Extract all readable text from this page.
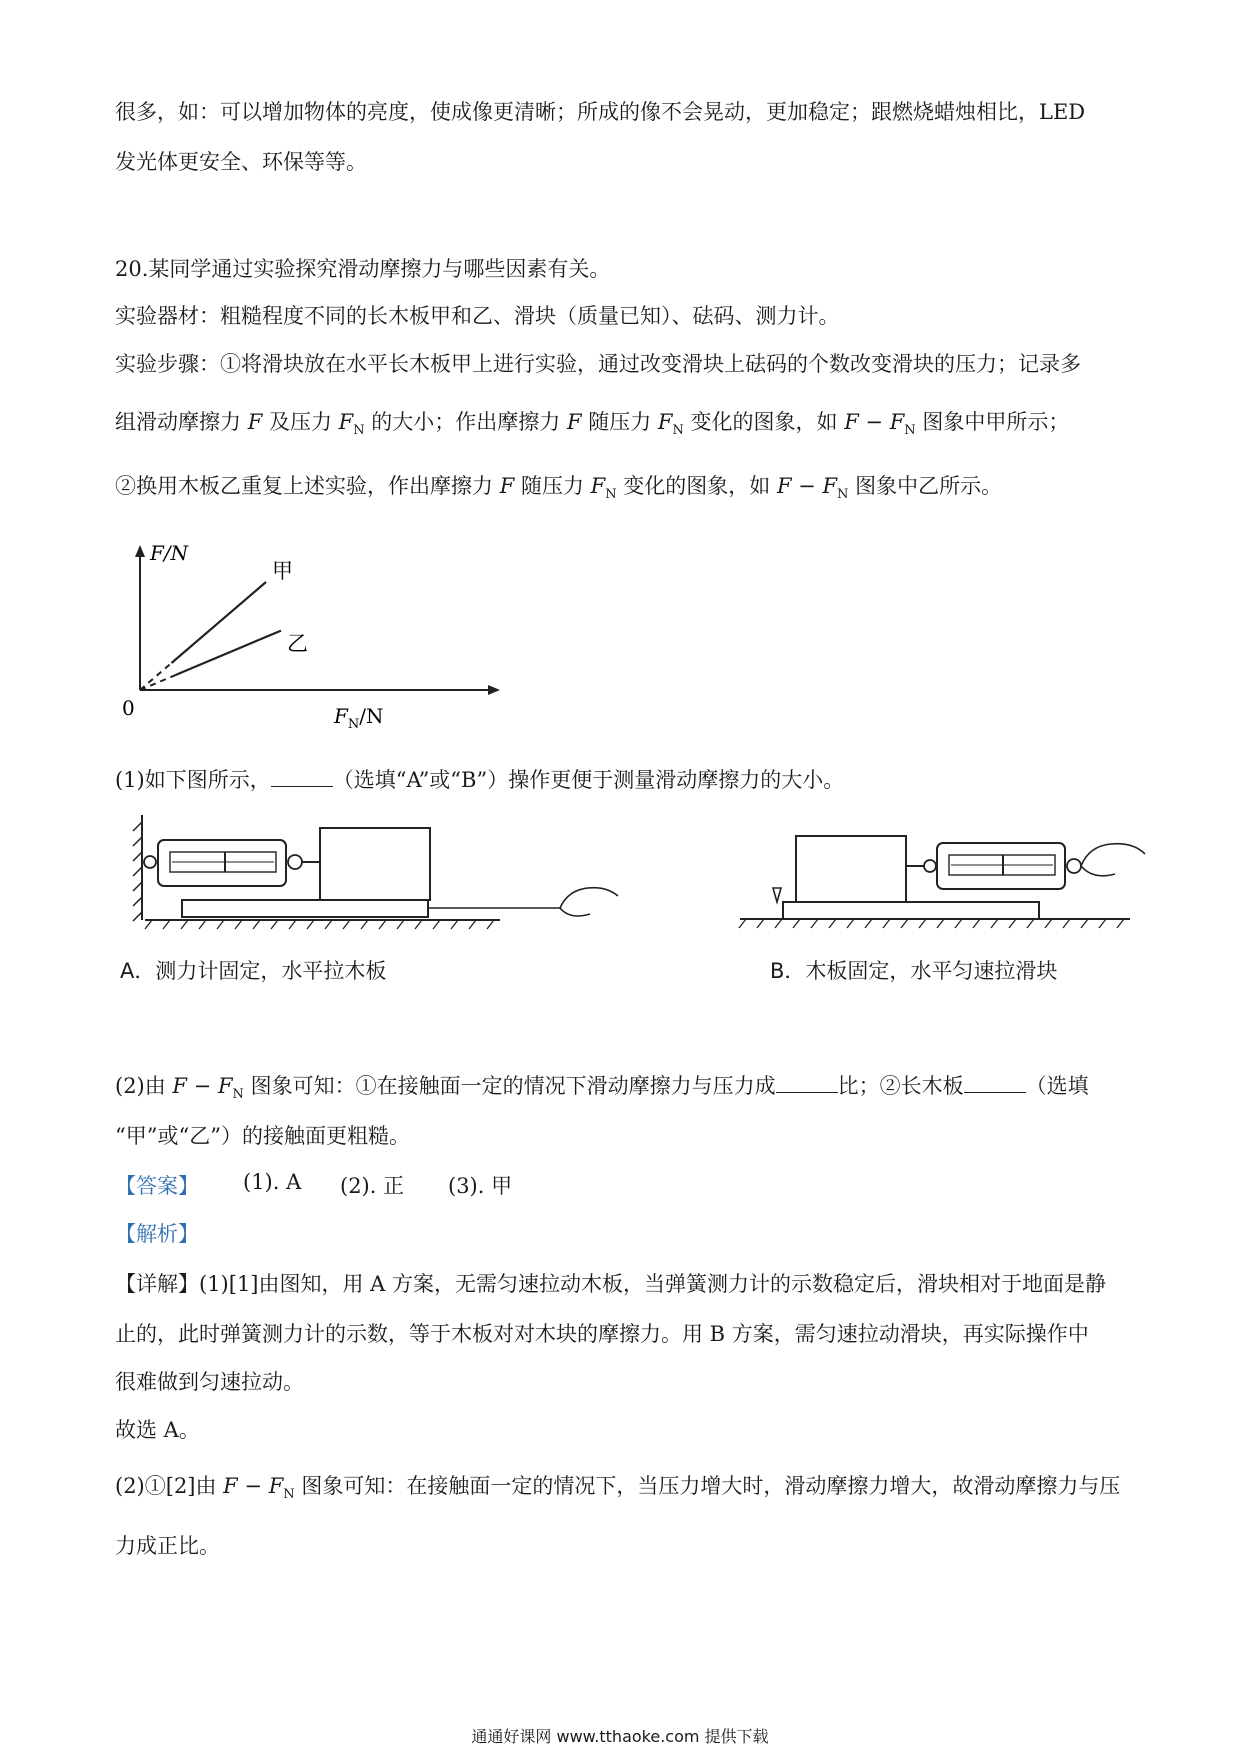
很多，如：可以增加物体的亮度，使成像更清晰；所成的像不会晃动，更加稳定；跟燃烧蜡烛相比，LED
发光体更安全、环保等等。
20.某同学通过实验探究滑动摩擦力与哪些因素有关。
实验器材：粗糙程度不同的长木板甲和乙、滑块（质量已知）、砝码、测力计。
实验步骤：①将滑块放在水平长木板甲上进行实验，通过改变滑块上砝码的个数改变滑块的压力；记录多
组滑动摩擦力 F 及压力 $F_N$ 的大小；作出摩擦力 F 随压力 $F_N$ 变化的图象，如 $F - F_N$ 图象中甲所示；
②换用木板乙重复上述实验，作出摩擦力 F 随压力 $F_N$ 变化的图象，如 $F - F_N$ 图象中乙所示。
F/N
0	$F_N/N$
甲
乙
(1)如下图所示，	（选填“A”或“B”）操作更便于测量滑动摩擦力的大小。
A．测力计固定，水平拉木板	B．木板固定，水平匀速拉滑块
(2)由 $F - F_N$ 图象可知：①在接触面一定的情况下滑动摩擦力与压力成	比；②长木板	（选填
“甲”或“乙”）的接触面更粗糙。
【答案】 (1). A (2). 正 (3). 甲
【解析】
【详解】(1)[1]由图知，用 A 方案，无需匀速拉动木板，当弹簧测力计的示数稳定后，滑块相对于地面是静
止的，此时弹簧测力计的示数，等于木板对对木块的摩擦力。用 B 方案，需匀速拉动滑块，再实际操作中
很难做到匀速拉动。
故选 A。
(2)①[2]由 $F - F_N$ 图象可知：在接触面一定的情况下，当压力增大时，滑动摩擦力增大，故滑动摩擦力与压
力成正比。
通通好课网 www.tthaoke.com 提供下载
